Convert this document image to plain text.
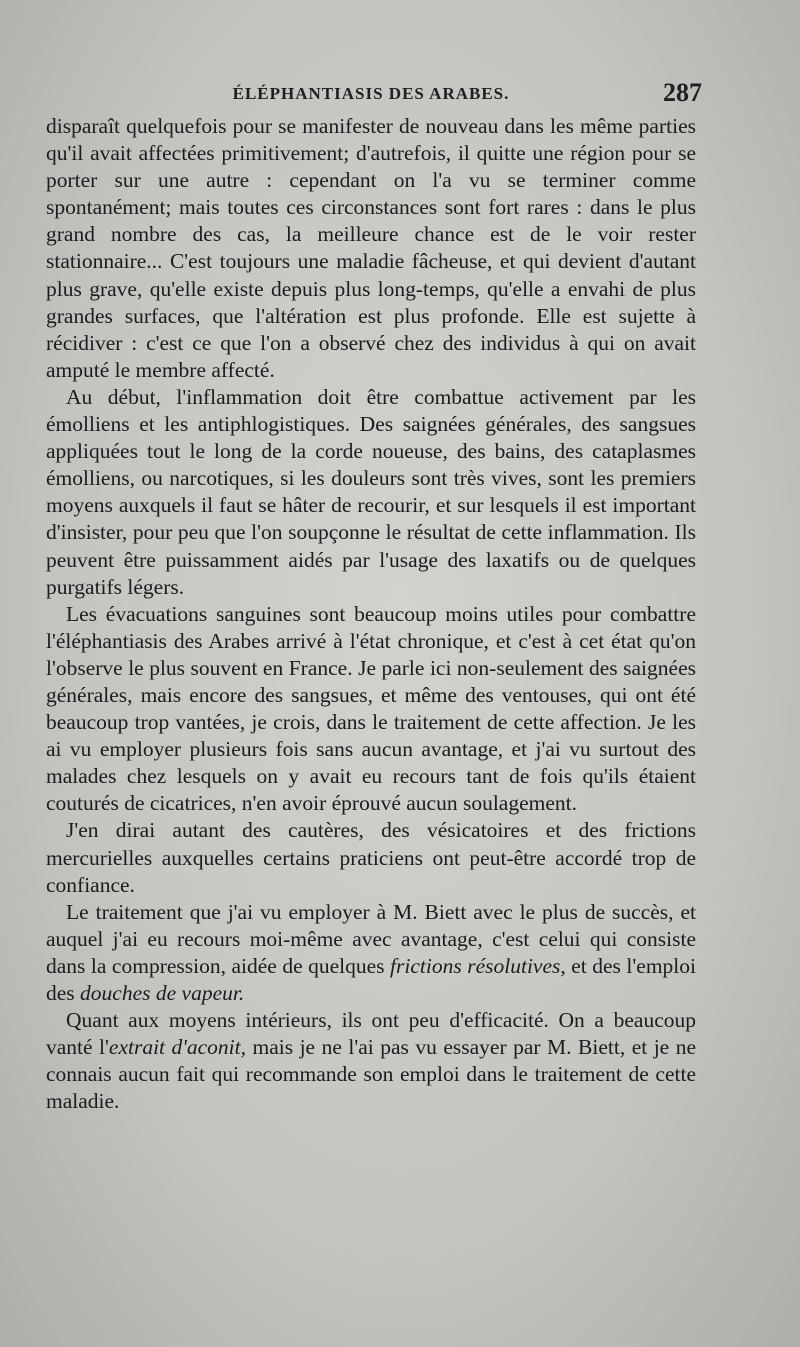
ÉLÉPHANTIASIS DES ARABES.	287

disparaît quelquefois pour se manifester de nouveau dans les même parties qu'il avait affectées primitivement; d'autrefois, il quitte une région pour se porter sur une autre : cependant on l'a vu se terminer comme spontanément; mais toutes ces circonstances sont fort rares : dans le plus grand nombre des cas, la meilleure chance est de le voir rester stationnaire... C'est toujours une maladie fâcheuse, et qui devient d'autant plus grave, qu'elle existe depuis plus long-temps, qu'elle a envahi de plus grandes surfaces, que l'altération est plus profonde. Elle est sujette à récidiver : c'est ce que l'on a observé chez des individus à qui on avait amputé le membre affecté.

Au début, l'inflammation doit être combattue activement par les émolliens et les antiphlogistiques. Des saignées générales, des sangsues appliquées tout le long de la corde noueuse, des bains, des cataplasmes émolliens, ou narcotiques, si les douleurs sont très vives, sont les premiers moyens auxquels il faut se hâter de recourir, et sur lesquels il est important d'insister, pour peu que l'on soupçonne le résultat de cette inflammation. Ils peuvent être puissamment aidés par l'usage des laxatifs ou de quelques purgatifs légers.

Les évacuations sanguines sont beaucoup moins utiles pour combattre l'éléphantiasis des Arabes arrivé à l'état chronique, et c'est à cet état qu'on l'observe le plus souvent en France. Je parle ici non-seulement des saignées générales, mais encore des sangsues, et même des ventouses, qui ont été beaucoup trop vantées, je crois, dans le traitement de cette affection. Je les ai vu employer plusieurs fois sans aucun avantage, et j'ai vu surtout des malades chez lesquels on y avait eu recours tant de fois qu'ils étaient couturés de cicatrices, n'en avoir éprouvé aucun soulagement.

J'en dirai autant des cautères, des vésicatoires et des frictions mercurielles auxquelles certains praticiens ont peut-être accordé trop de confiance.

Le traitement que j'ai vu employer à M. Biett avec le plus de succès, et auquel j'ai eu recours moi-même avec avantage, c'est celui qui consiste dans la compression, aidée de quelques frictions résolutives, et des l'emploi des douches de vapeur.

Quant aux moyens intérieurs, ils ont peu d'efficacité. On a beaucoup vanté l'extrait d'aconit, mais je ne l'ai pas vu essayer par M. Biett, et je ne connais aucun fait qui recommande son emploi dans le traitement de cette maladie.
